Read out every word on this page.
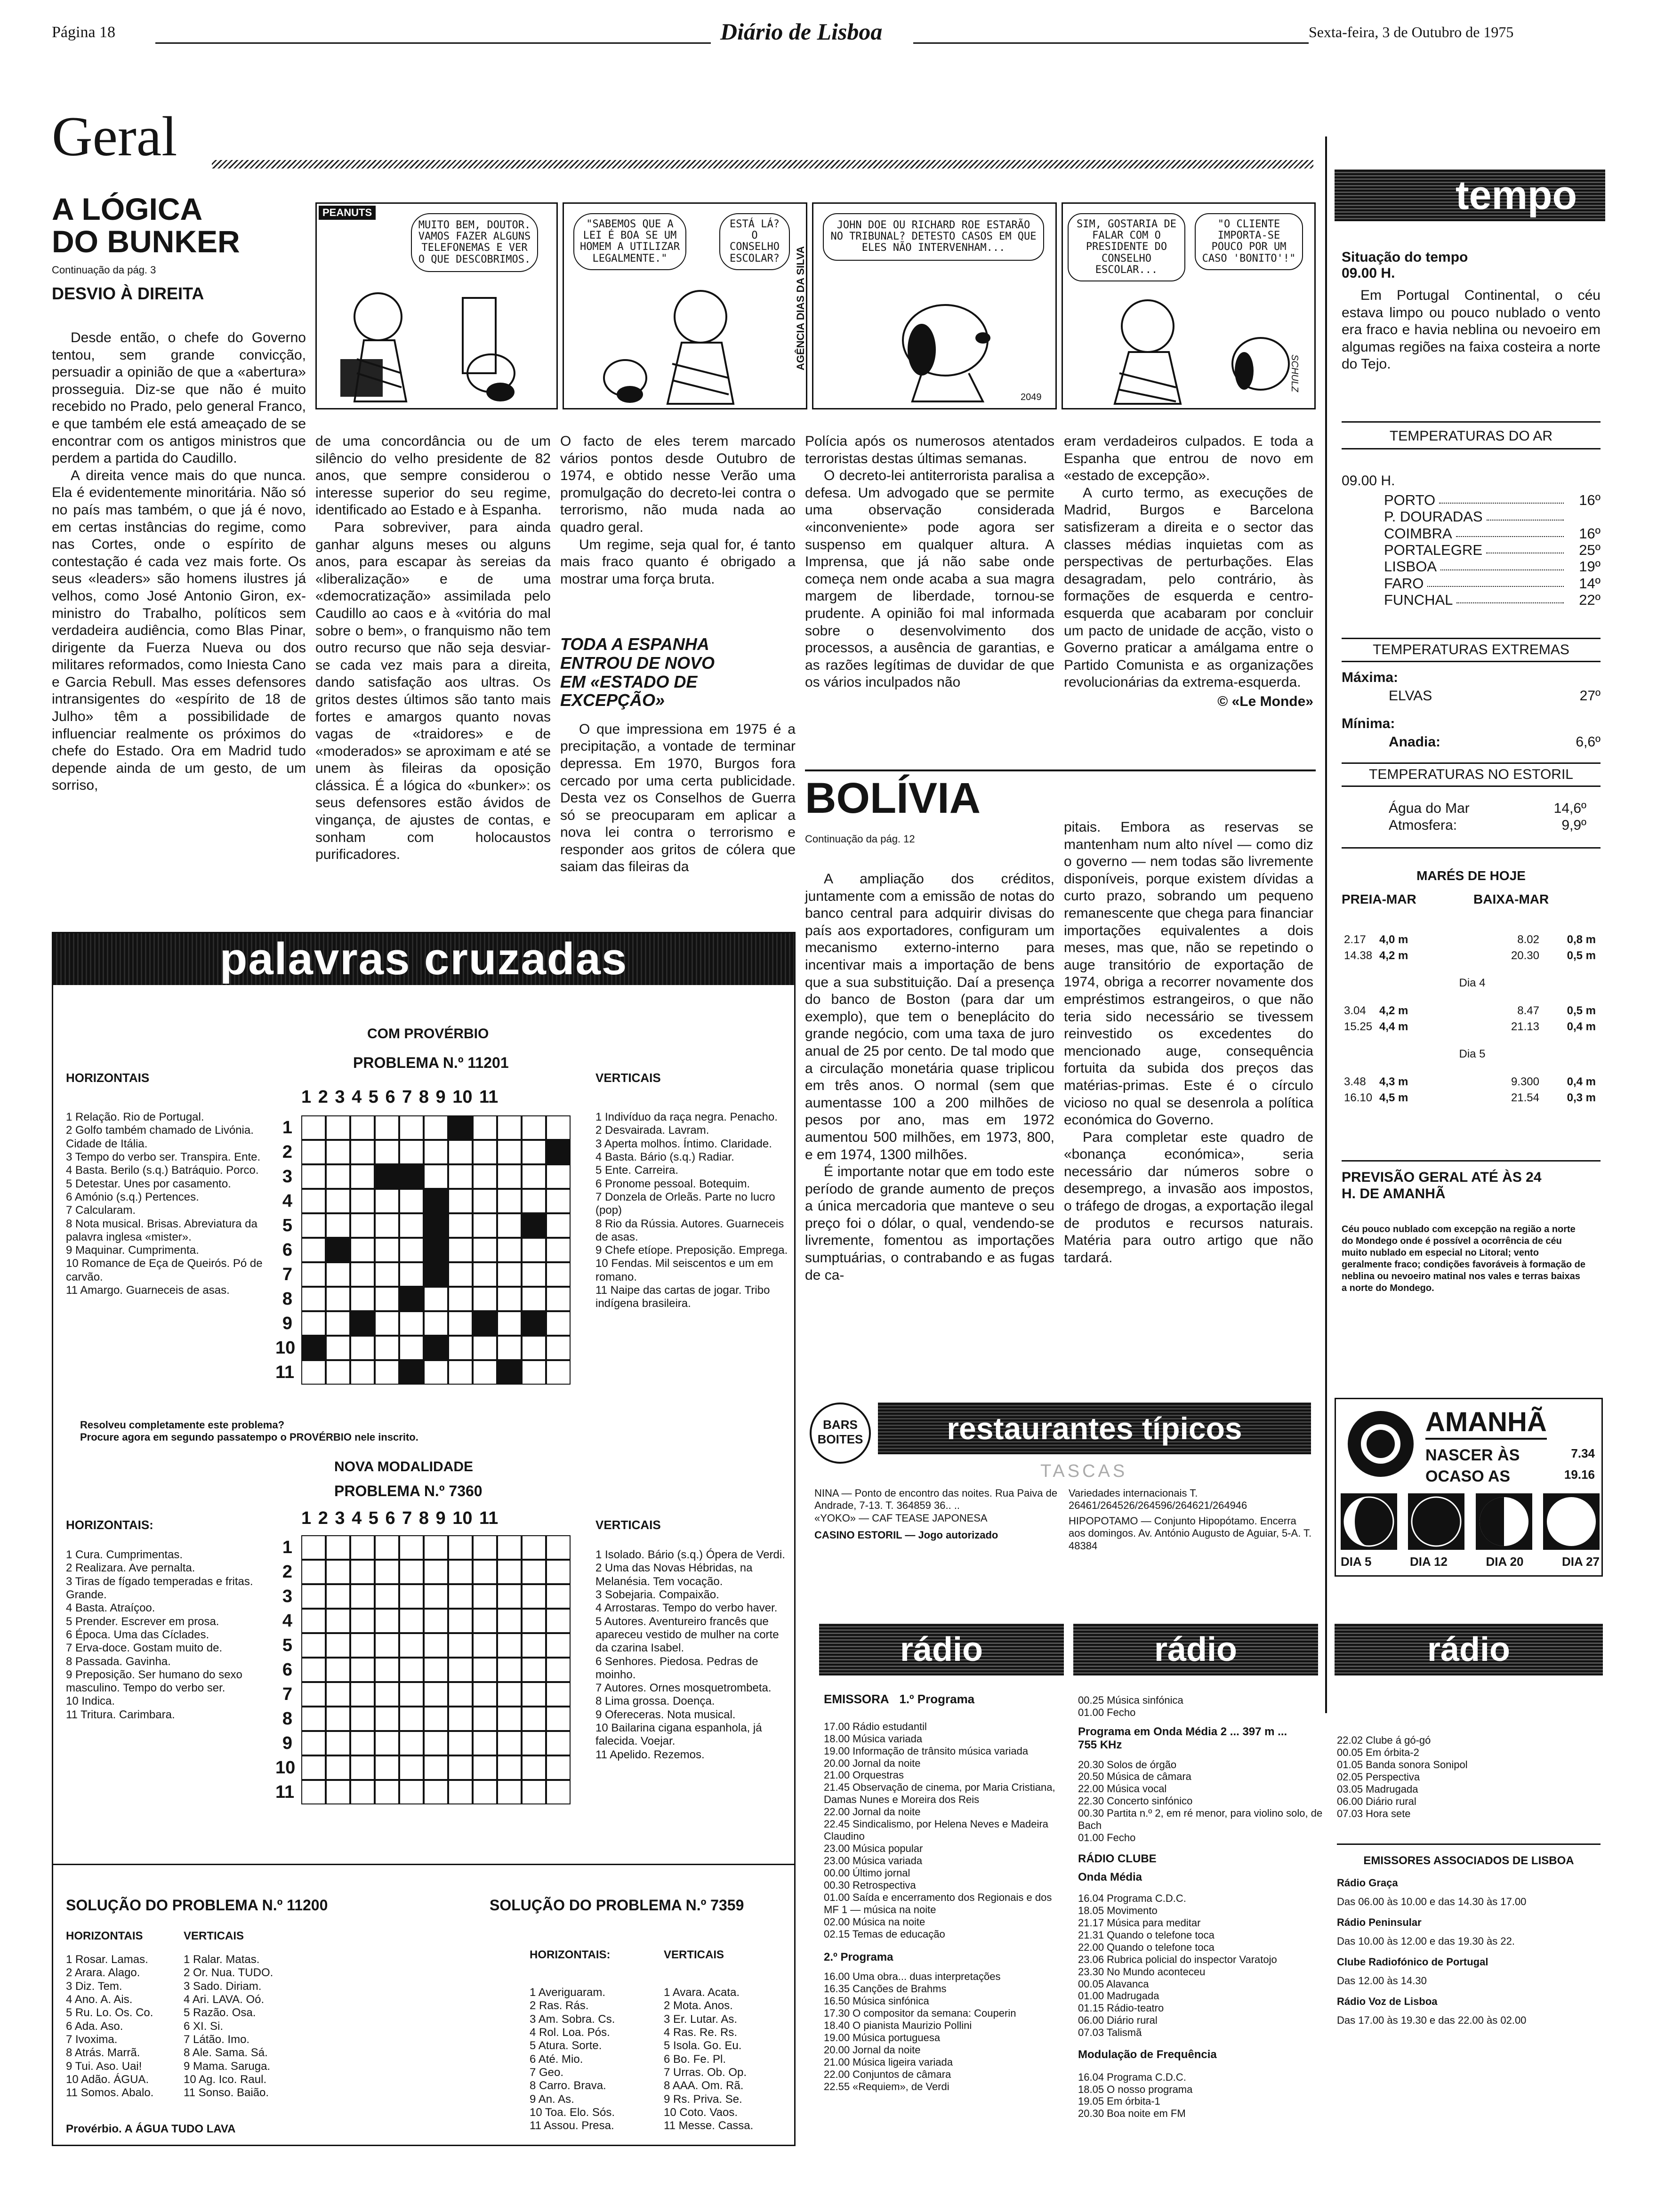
Página 18	Diário de Lisboa	Sexta-feira, 3 de Outubro de 1975
Geral
A LÓGICA
DO BUNKER
Continuação da pág. 3
DESVIO À DIREITA

Desde então, o chefe do Governo tentou, sem grande convicção, persuadir a opinião de que a «abertura» prosseguia. Diz-se que não é muito recebido no Prado, pelo general Franco, e que também ele está ameaçado de se encontrar com os antigos ministros que perdem a partida do Caudillo.

A direita vence mais do que nunca. Ela é evidentemente minoritária. Não só no país mas também, o que já é novo, em certas instâncias do regime, como nas Cortes, onde o espírito de contestação é cada vez mais forte. Os seus «leaders» são homens ilustres já velhos, como José Antonio Giron, ex-ministro do Trabalho, políticos sem verdadeira audiência, como Blas Pinar, dirigente da Fuerza Nueva ou dos militares reformados, como Iniesta Cano e Garcia Rebull. Mas esses defensores intransigentes do «espírito de 18 de Julho» têm a possibilidade de influenciar realmente os próximos do chefe do Estado. Ora em Madrid tudo depende ainda de um gesto, de um sorriso,

PEANUTS
MUITO BEM, DOUTOR. VAMOS FAZER ALGUNS TELEFONEMAS E VER O QUE DESCOBRIMOS.
"SABEMOS QUE A LEI É BOA SE UM HOMEM A UTILIZAR LEGALMENTE."
ESTÁ LÁ? O CONSELHO ESCOLAR?	AGÊNCIA DIAS DA SILVA
JOHN DOE OU RICHARD ROE ESTARÃO NO TRIBUNAL? DETESTO CASOS EM QUE ELES NÃO INTERVENHAM...
2049
SIM, GOSTARIA DE FALAR COM O PRESIDENTE DO CONSELHO ESCOLAR...
"O CLIENTE IMPORTA-SE POUCO POR UM CASO 'BONITO'!"
SCHULZ

de uma concordância ou de um silêncio do velho presidente de 82 anos, que sempre considerou o interesse superior do seu regime, identificado ao Estado e à Espanha.

Para sobreviver, para ainda ganhar alguns meses ou alguns anos, para escapar às sereias da «liberalização» e de uma «democratização» assimilada pelo Caudillo ao caos e à «vitória do mal sobre o bem», o franquismo não tem outro recurso que não seja desviar-se cada vez mais para a direita, dando satisfação aos ultras. Os gritos destes últimos são tanto mais fortes e amargos quanto novas vagas de «traidores» e de «moderados» se aproximam e até se unem às fileiras da oposição clássica. É a lógica do «bunker»: os seus defensores estão ávidos de vingança, de ajustes de contas, e sonham com holocaustos purificadores.

O facto de eles terem marcado vários pontos desde Outubro de 1974, e obtido nesse Verão uma promulgação do decreto-lei contra o terrorismo, não muda nada ao quadro geral.

Um regime, seja qual for, é tanto mais fraco quanto é obrigado a mostrar uma força bruta.

TODA A ESPANHA ENTROU DE NOVO EM «ESTADO DE EXCEPÇÃO»

O que impressiona em 1975 é a precipitação, a vontade de terminar depressa. Em 1970, Burgos fora cercado por uma certa publicidade. Desta vez os Conselhos de Guerra só se preocuparam em aplicar a nova lei contra o terrorismo e responder aos gritos de cólera que saiam das fileiras da

Polícia após os numerosos atentados terroristas destas últimas semanas.

O decreto-lei antiterrorista paralisa a defesa. Um advogado que se permite uma observação considerada «inconveniente» pode agora ser suspenso em qualquer altura. A Imprensa, que já não sabe onde começa nem onde acaba a sua magra margem de liberdade, tornou-se prudente. A opinião foi mal informada sobre o desenvolvimento dos processos, a ausência de garantias, e as razões legítimas de duvidar de que os vários inculpados não

eram verdadeiros culpados. E toda a Espanha que entrou de novo em «estado de excepção».

A curto termo, as execuções de Madrid, Burgos e Barcelona satisfizeram a direita e o sector das classes médias inquietas com as perspectivas de perturbações. Elas desagradam, pelo contrário, às formações de esquerda e centro-esquerda que acabaram por concluir um pacto de unidade de acção, visto o Governo praticar a amálgama entre o Partido Comunista e as organizações revolucionárias da extrema-esquerda.

© «Le Monde»
BOLÍVIA
Continuação da pág. 12

A ampliação dos créditos, juntamente com a emissão de notas do banco central para adquirir divisas do país aos exportadores, configuram um mecanismo externo-interno para incentivar mais a importação de bens que a sua substituição. Daí a presença do banco de Boston (para dar um exemplo), que tem o beneplácito do grande negócio, com uma taxa de juro anual de 25 por cento. De tal modo que a circulação monetária quase triplicou em três anos. O normal (sem que aumentasse 100 a 200 milhões de pesos por ano, mas em 1972 aumentou 500 milhões, em 1973, 800, e em 1974, 1300 milhões.

É importante notar que em todo este período de grande aumento de preços a única mercadoria que manteve o seu preço foi o dólar, o qual, vendendo-se livremente, fomentou as importações sumptuárias, o contrabando e as fugas de ca-

pitais. Embora as reservas se mantenham num alto nível — como diz o governo — nem todas são livremente disponíveis, porque existem dívidas a curto prazo, sobrando um pequeno remanescente que chega para financiar importações equivalentes a dois meses, mas que, não se repetindo o auge transitório de exportação de 1974, obriga a recorrer novamente dos empréstimos estrangeiros, o que não teria sido necessário se tivessem reinvestido os excedentes do mencionado auge, consequência fortuita da subida dos preços das matérias-primas. Este é o círculo vicioso no qual se desenrola a política económica do Governo.

Para completar este quadro de «bonança económica», seria necessário dar números sobre o desemprego, a invasão aos impostos, o tráfego de drogas, a exportação ilegal de produtos e recursos naturais. Matéria para outro artigo que não tardará.

palavras cruzadas
COM PROVÉRBIO
PROBLEMA N.º 11201
HORIZONTAIS	VERTICAIS
1 2 3 4 5 6 7 8 9 10 11
1 Relação. Rio de Portugal.
2 Golfo também chamado de Livónia. Cidade de Itália.
3 Tempo do verbo ser. Transpira. Ente.
4 Basta. Berilo (s.q.) Batráquio. Porco.
5 Detestar. Unes por casamento.
6 Amónio (s.q.) Pertences.
7 Calcularam.
8 Nota musical. Brisas. Abreviatura da palavra inglesa «mister».
9 Maquinar. Cumprimenta.
10 Romance de Eça de Queirós. Pó de carvão.
11 Amargo. Guarneceis de asas.
1 Indivíduo da raça negra. Penacho.
2 Desvairada. Lavram.
3 Aperta molhos. Íntimo. Claridade.
4 Basta. Bário (s.q.) Radiar.
5 Ente. Carreira.
6 Pronome pessoal. Botequim.
7 Donzela de Orleãs. Parte no lucro (pop)
8 Rio da Rússia. Autores. Guarneceis de asas.
9 Chefe etíope. Preposição. Emprega.
10 Fendas. Mil seiscentos e um em romano.
11 Naipe das cartas de jogar. Tribo indígena brasileira.
1
2
3
4
5
6
7
8
9
10
11
Resolveu completamente este problema?
Procure agora em segundo passatempo o PROVÉRBIO nele inscrito.
NOVA MODALIDADE
PROBLEMA N.º 7360
HORIZONTAIS:	VERTICAIS
1 2 3 4 5 6 7 8 9 10 11
1 Cura. Cumprimentas.
2 Realizara. Ave pernalta.
3 Tiras de fígado temperadas e fritas. Grande.
4 Basta. Atraíçoo.
5 Prender. Escrever em prosa.
6 Época. Uma das Cíclades.
7 Erva-doce. Gostam muito de.
8 Passada. Gavinha.
9 Preposição. Ser humano do sexo masculino. Tempo do verbo ser.
10 Indica.
11 Tritura. Carimbara.
1 Isolado. Bário (s.q.) Ópera de Verdi.
2 Uma das Novas Hébridas, na Melanésia. Tem vocação.
3 Sobejaria. Compaixão.
4 Arrostaras. Tempo do verbo haver.
5 Autores. Aventureiro francês que apareceu vestido de mulher na corte da czarina Isabel.
6 Senhores. Piedosa. Pedras de moinho.
7 Autores. Ornes mosquetrombeta.
8 Lima grossa. Doença.
9 Ofereceras. Nota musical.
10 Bailarina cigana espanhola, já falecida. Voejar.
11 Apelido. Rezemos.
1
2
3
4
5
6
7
8
9
10
11
SOLUÇÃO DO PROBLEMA N.º 11200
HORIZONTAIS	VERTICAIS
1 Rosar. Lamas.
2 Arara. Alago.
3 Diz. Tem.
4 Ano. A. Ais.
5 Ru. Lo. Os. Co.
6 Ada. Aso.
7 Ivoxima.
8 Atrás. Marrã.
9 Tui. Aso. Uai!
10 Adão. ÁGUA.
11 Somos. Abalo.
1 Ralar. Matas.
2 Or. Nua. TUDO.
3 Sado. Diriam.
4 Ari. LAVA. Oó.
5 Razão. Osa.
6 XI. Si.
7 Látão. Imo.
8 Ale. Sama. Sá.
9 Mama. Saruga.
10 Ag. Ico. Raul.
11 Sonso. Baião.
Provérbio. A ÁGUA TUDO LAVA
SOLUÇÃO DO PROBLEMA N.º 7359
HORIZONTAIS:	VERTICAIS
1 Averiguaram.
2 Ras. Rás.
3 Am. Sobra. Cs.
4 Rol. Loa. Pós.
5 Atura. Sorte.
6 Até. Mio.
7 Geo.
8 Carro. Brava.
9 An. As.
10 Toa. Elo. Sós.
11 Assou. Presa.
1 Avara. Acata.
2 Mota. Anos.
3 Er. Lutar. As.
4 Ras. Re. Rs.
5 Isola. Go. Eu.
6 Bo. Fe. Pl.
7 Urras. Ob. Op.
8 AAA. Om. Rã.
9 Rs. Priva. Se.
10 Coto. Vaos.
11 Messe. Cassa.
tempo
Situação do tempo
09.00 H.

Em Portugal Continental, o céu estava limpo ou pouco nublado o vento era fraco e havia neblina ou nevoeiro em algumas regiões na faixa costeira a norte do Tejo.

TEMPERATURAS DO AR
09.00 H.
PORTO	16º
P. DOURADAS
COIMBRA	16º
PORTALEGRE	25º
LISBOA	19º
FARO	14º
FUNCHAL	22º
TEMPERATURAS EXTREMAS
Máxima:
ELVAS	27º
Mínima:
Anadia:	6,6º
TEMPERATURAS NO ESTORIL
Água do Mar	14,6º
Atmosfera:	9,9º
MARÉS DE HOJE
PREIA-MAR	BAIXA-MAR
2.17	4,0 m	8.02	0,8 m
14.38 4,2 m	20.30	0,5 m
Dia 4
3.04	4,2 m	8.47	0,5 m
15.25 4,4 m	21.13	0,4 m
Dia 5
3.48	4,3 m	9.300	0,4 m
16.10 4,5 m	21.54	0,3 m
PREVISÃO GERAL ATÉ ÀS 24 H. DE AMANHÃ
Céu pouco nublado com excepção na região a norte do Mondego onde é possível a ocorrência de céu muito nublado em especial no Litoral; vento geralmente fraco; condições favoráveis à formação de neblina ou nevoeiro matinal nos vales e terras baixas a norte do Mondego.
AMANHÃ
NASCER ÀS	7.34
OCASO AS	19.16
DIA 5	DIA 12	DIA 20	DIA 27
BARS
BOITES	restaurantes típicos
TASCAS
NINA — Ponto de encontro das noites. Rua Paiva de Andrade, 7-13. T. 364859 36.. ..
«YOKO» — CAF TEASE JAPONESA
CASINO ESTORIL — Jogo autorizado
Variedades internacionais T. 26461/264526/264596/264621/264946
HIPOPOTAMO — Conjunto Hipopótamo. Encerra aos domingos. Av. António Augusto de Aguiar, 5-A. T. 48384
rádio	rádio	rádio
EMISSORA 1.º Programa
17.00 Rádio estudantil
18.00 Música variada
19.00 Informação de trânsito música variada
20.00 Jornal da noite
21.00 Orquestras
21.45 Observação de cinema, por Maria Cristiana, Damas Nunes e Moreira dos Reis
22.00 Jornal da noite
22.45 Sindicalismo, por Helena Neves e Madeira Claudino
23.00 Música popular
23.00 Música variada
00.00 Último jornal
00.30 Retrospectiva
01.00 Saída e encerramento dos Regionais e dos MF 1 — música na noite
02.00 Música na noite
02.15 Temas de educação
2.º Programa
16.00 Uma obra... duas interpretações
16.35 Canções de Brahms
16.50 Música sinfónica
17.30 O compositor da semana: Couperin
18.40 O pianista Maurizio Pollini
19.00 Música portuguesa
20.00 Jornal da noite
21.00 Música ligeira variada
22.00 Conjuntos de câmara
22.55 «Requiem», de Verdi
00.25 Música sinfónica
01.00 Fecho
Programa em Onda Média 2 ... 397 m ... 755 KHz
20.30 Solos de órgão
20.50 Música de câmara
22.00 Música vocal
22.30 Concerto sinfónico
00.30 Partita n.º 2, em ré menor, para violino solo, de Bach
01.00 Fecho
RÁDIO CLUBE
Onda Média
16.04 Programa C.D.C.
18.05 Movimento
21.17 Música para meditar
21.31 Quando o telefone toca
22.00 Quando o telefone toca
23.06 Rubrica policial do inspector Varatojo
23.30 No Mundo aconteceu
00.05 Alavanca
01.00 Madrugada
01.15 Rádio-teatro
06.00 Diário rural
07.03 Talismã
Modulação de Frequência
16.04 Programa C.D.C.
18.05 O nosso programa
19.05 Em órbita-1
20.30 Boa noite em FM
22.02 Clube á gó-gó
00.05 Em órbita-2
01.05 Banda sonora Sonipol
02.05 Perspectiva
03.05 Madrugada
06.00 Diário rural
07.03 Hora sete
EMISSORES ASSOCIADOS DE LISBOA
Rádio Graça
Das 06.00 às 10.00 e das 14.30 às 17.00
Rádio Peninsular
Das 10.00 às 12.00 e das 19.30 às 22.
Clube Radiofónico de Portugal
Das 12.00 às 14.30
Rádio Voz de Lisboa
Das 17.00 às 19.30 e das 22.00 às 02.00
